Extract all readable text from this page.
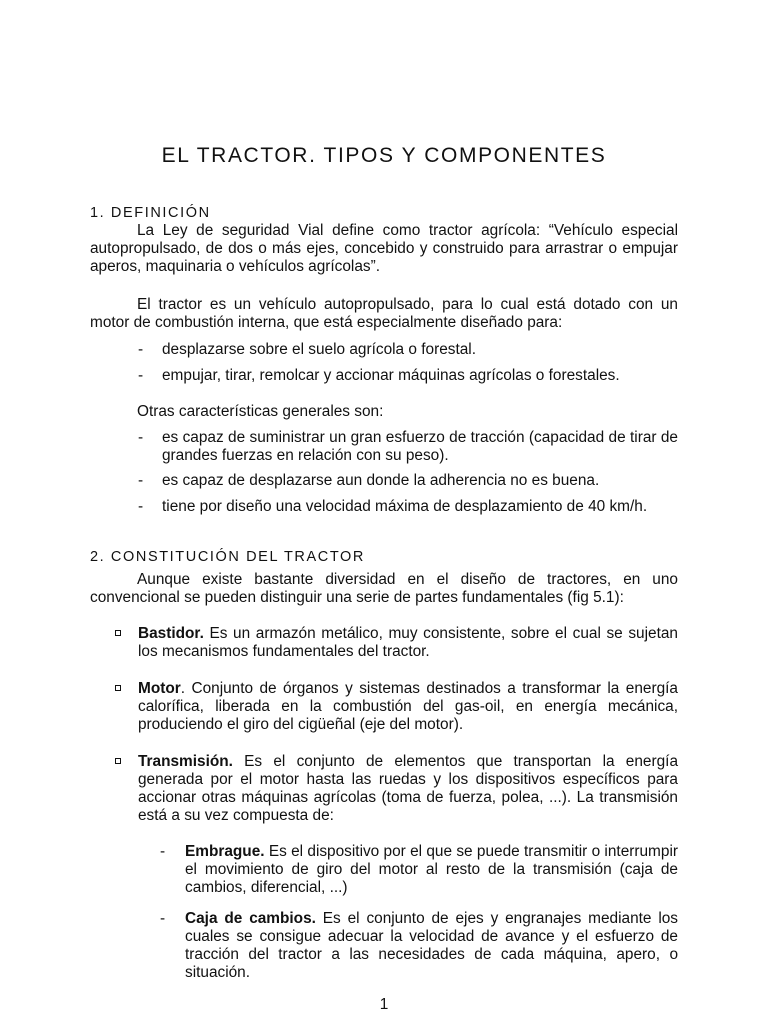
EL TRACTOR. TIPOS Y COMPONENTES
1. DEFINICIÓN

La Ley de seguridad Vial define como tractor agrícola: “Vehículo especial autopropulsado, de dos o más ejes, concebido y construido para arrastrar o empujar aperos, maquinaria o vehículos agrícolas”.

El tractor es un vehículo autopropulsado, para lo cual está dotado con un motor de combustión interna, que está especialmente diseñado para:

-	desplazarse sobre el suelo agrícola o forestal.
-	empujar, tirar, remolcar y accionar máquinas agrícolas o forestales.

Otras características generales son:

-	es capaz de suministrar un gran esfuerzo de tracción (capacidad de tirar de grandes fuerzas en relación con su peso).
-	es capaz de desplazarse aun donde la adherencia no es buena.
-	tiene por diseño una velocidad máxima de desplazamiento de 40 km/h.
2. CONSTITUCIÓN DEL TRACTOR

Aunque existe bastante diversidad en el diseño de tractores, en uno convencional se pueden distinguir una serie de partes fundamentales (fig 5.1):

Bastidor. Es un armazón metálico, muy consistente, sobre el cual se sujetan los mecanismos fundamentales del tractor.
Motor. Conjunto de órganos y sistemas destinados a transformar la energía calorífica, liberada en la combustión del gas-oil, en energía mecánica, produciendo el giro del cigüeñal (eje del motor).
Transmisión. Es el conjunto de elementos que transportan la energía generada por el motor hasta las ruedas y los dispositivos específicos para accionar otras máquinas agrícolas (toma de fuerza, polea, ...). La transmisión está a su vez compuesta de:
-	Embrague. Es el dispositivo por el que se puede transmitir o interrumpir el movimiento de giro del motor al resto de la transmisión (caja de cambios, diferencial, ...)
-	Caja de cambios. Es el conjunto de ejes y engranajes mediante los cuales se consigue adecuar la velocidad de avance y el esfuerzo de tracción del tractor a las necesidades de cada máquina, apero, o situación.
1
